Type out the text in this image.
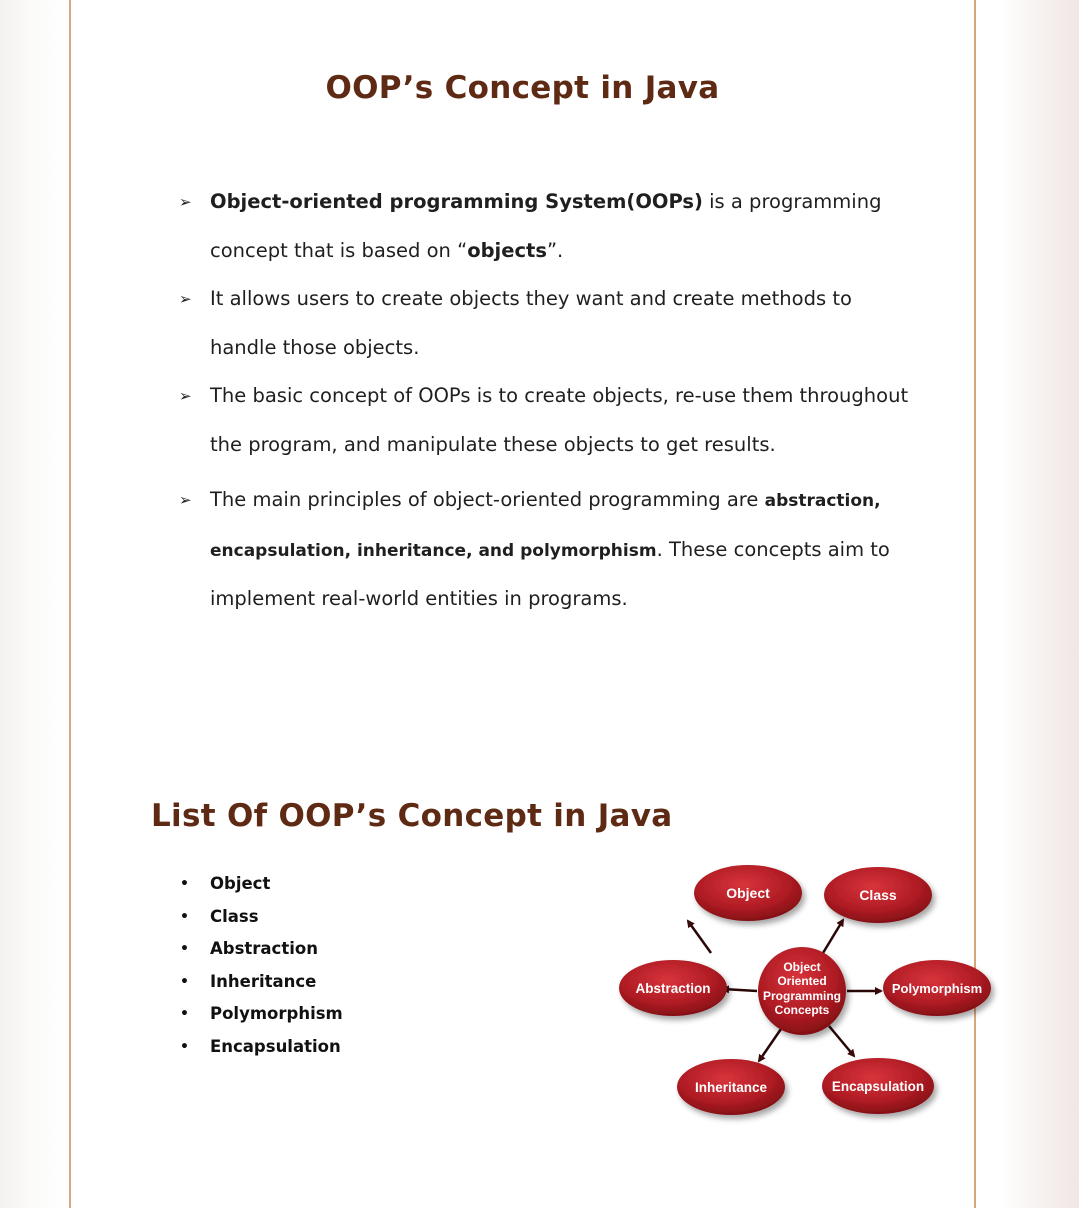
OOP’s Concept in Java
➢ Object-oriented programming System(OOPs) is a programming concept that is based on “objects”.
➢ It allows users to create objects they want and create methods to handle those objects.
➢ The basic concept of OOPs is to create objects, re-use them throughout the program, and manipulate these objects to get results.
➢ The main principles of object-oriented programming are abstraction, encapsulation, inheritance, and polymorphism. These concepts aim to implement real-world entities in programs.
List Of OOP’s Concept in Java
• Object
• Class
• Abstraction
• Inheritance
• Polymorphism
• Encapsulation
Object	Class
Abstraction	Polymorphism
Inheritance	Encapsulation
Object
Oriented
Programming
Concepts
